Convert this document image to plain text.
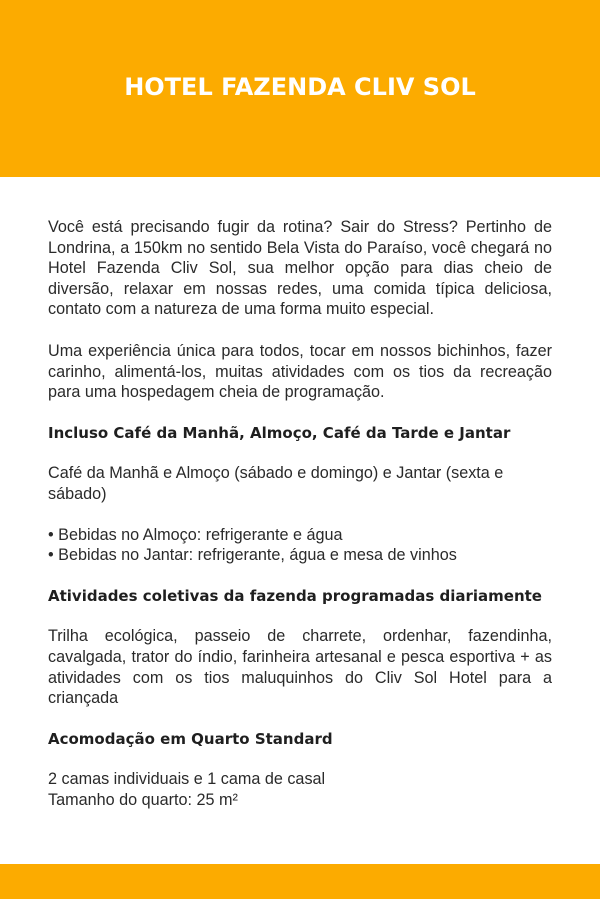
HOTEL FAZENDA CLIV SOL

Você está precisando fugir da rotina? Sair do Stress? Pertinho de Londrina, a 150km no sentido Bela Vista do Paraíso, você chegará no Hotel Fazenda Cliv Sol, sua melhor opção para dias cheio de diversão, relaxar em nossas redes, uma comida típica deliciosa, contato com a natureza de uma forma muito especial.

Uma experiência única para todos, tocar em nossos bichinhos, fazer carinho, alimentá-los, muitas atividades com os tios da recreação para uma hospedagem cheia de programação.

Incluso Café da Manhã, Almoço, Café da Tarde e Jantar

Café da Manhã e Almoço (sábado e domingo) e Jantar (sexta e sábado)

• Bebidas no Almoço: refrigerante e água
• Bebidas no Jantar: refrigerante, água e mesa de vinhos

Atividades coletivas da fazenda programadas diariamente

Trilha ecológica, passeio de charrete, ordenhar, fazendinha, cavalgada, trator do índio, farinheira artesanal e pesca esportiva + as atividades com os tios maluquinhos do Cliv Sol Hotel para a criançada

Acomodação em Quarto Standard

2 camas individuais e 1 cama de casal

Tamanho do quarto: 25 m²
